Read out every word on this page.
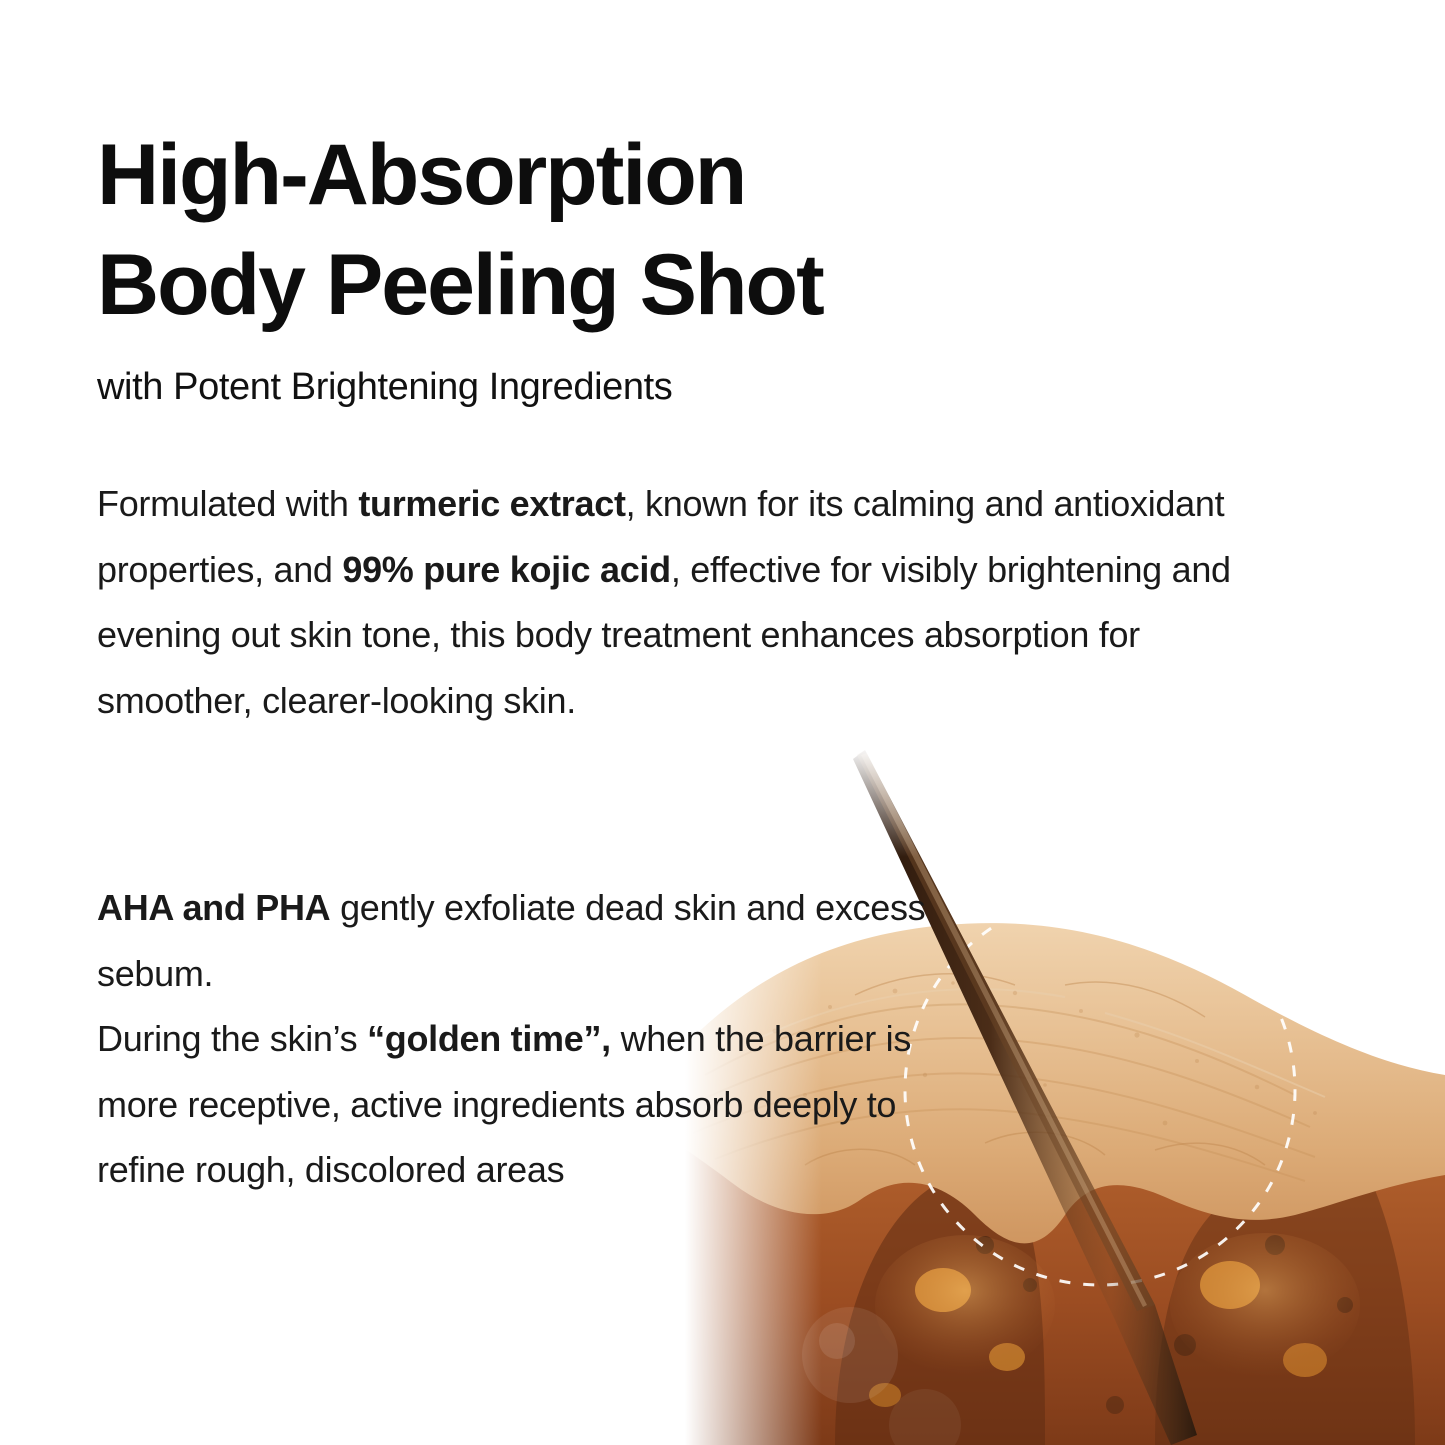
High-Absorption
Body Peeling Shot

with Potent Brightening Ingredients

Formulated with turmeric extract, known for its calming and antioxidant properties, and 99% pure kojic acid, effective for visibly brightening and evening out skin tone, this body treatment enhances absorption for smoother, clearer-looking skin.

AHA and PHA gently exfoliate dead skin and excess sebum.
During the skin’s “golden time”, when the barrier is more receptive, active ingredients absorb deeply to refine rough, discolored areas
